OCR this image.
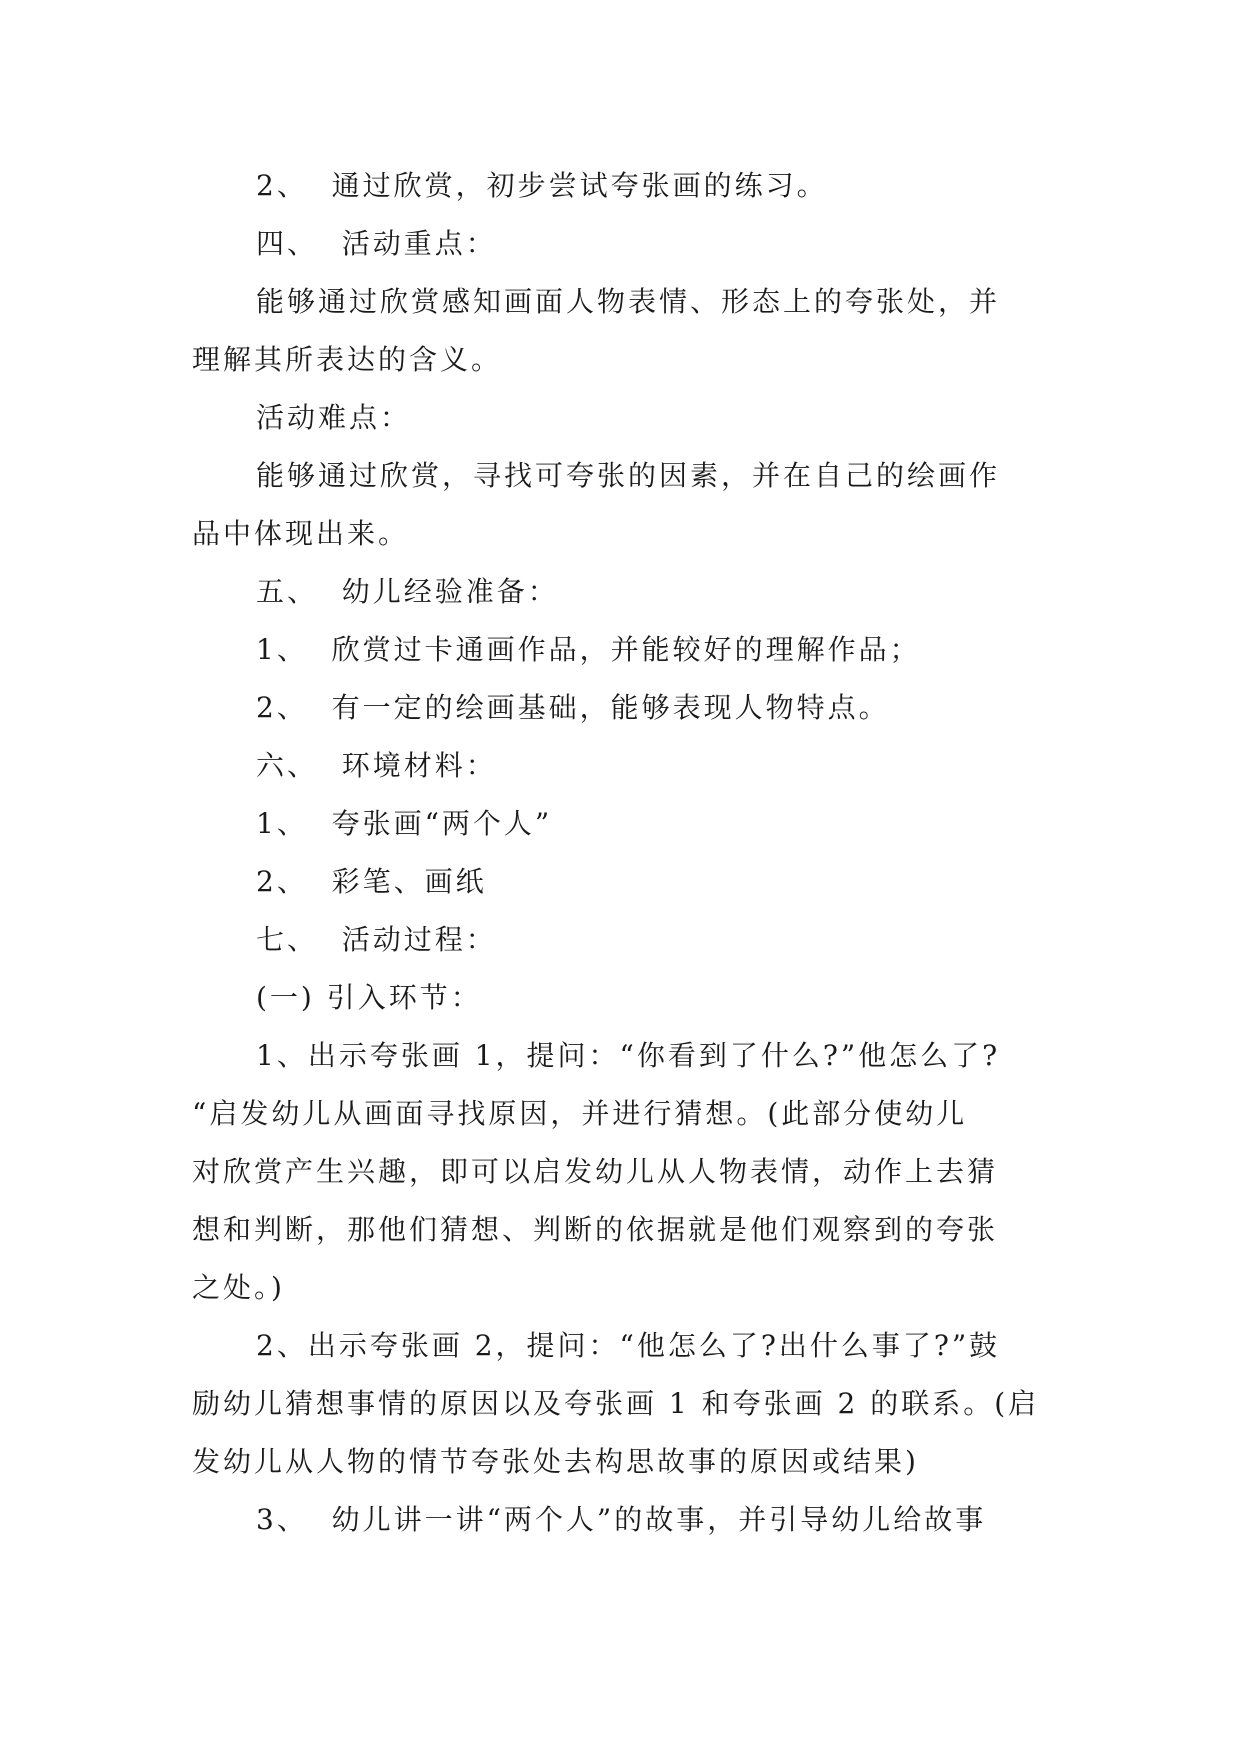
2、  通过欣赏，初步尝试夸张画的练习。
四、  活动重点：
能够通过欣赏感知画面人物表情、形态上的夸张处，并
理解其所表达的含义。
活动难点：
能够通过欣赏，寻找可夸张的因素，并在自己的绘画作
品中体现出来。
五、  幼儿经验准备：
1、  欣赏过卡通画作品，并能较好的理解作品；
2、  有一定的绘画基础，能够表现人物特点。
六、  环境材料：
1、  夸张画“两个人”
2、  彩笔、画纸
七、  活动过程：
(一) 引入环节：
1、出示夸张画 1，提问：“你看到了什么?”他怎么了?
“启发幼儿从画面寻找原因，并进行猜想。(此部分使幼儿
对欣赏产生兴趣，即可以启发幼儿从人物表情，动作上去猜
想和判断，那他们猜想、判断的依据就是他们观察到的夸张
之处。)
2、出示夸张画 2，提问：“他怎么了?出什么事了?”鼓
励幼儿猜想事情的原因以及夸张画 1 和夸张画 2 的联系。(启
发幼儿从人物的情节夸张处去构思故事的原因或结果)
3、  幼儿讲一讲“两个人”的故事，并引导幼儿给故事
